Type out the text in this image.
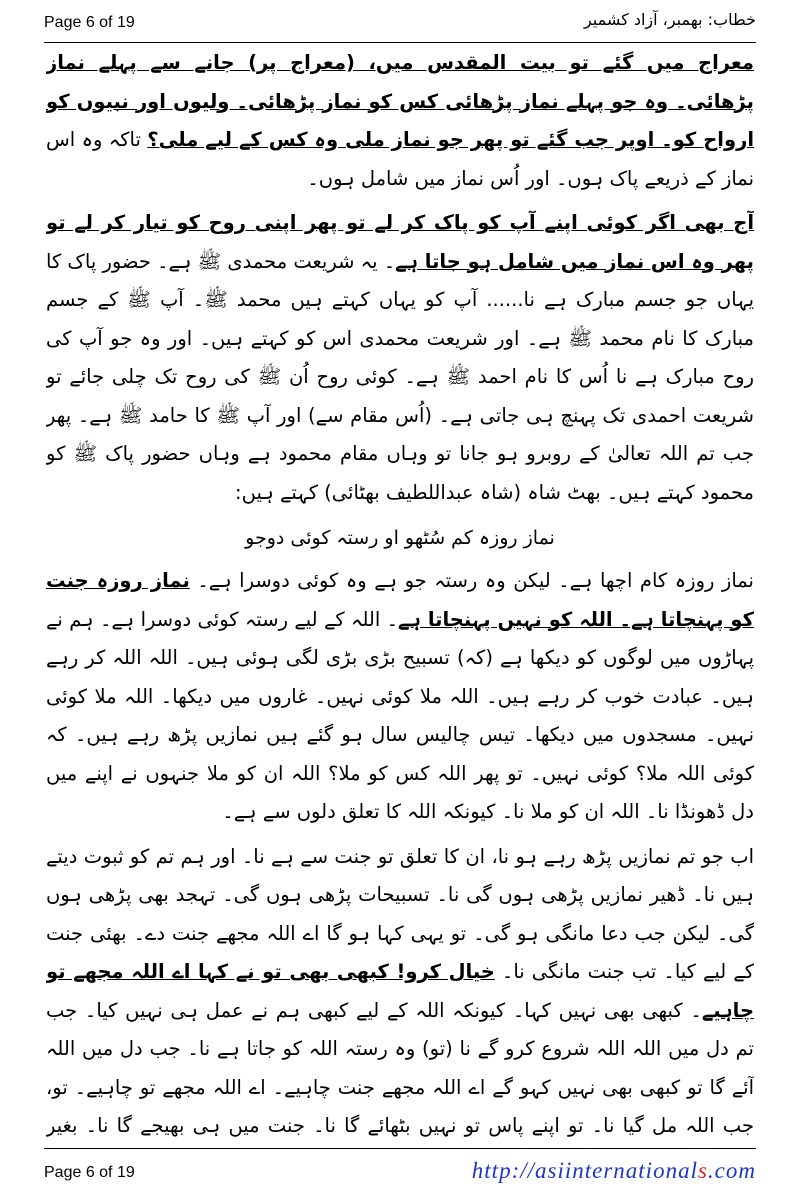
Page 6 of 19	خطاب: بھمبر، آزاد کشمیر

معراج میں گئے تو بیت المقدس میں، (معراج پر) جانے سے پہلے نماز پڑھائی۔ وہ جو پہلے نماز پڑھائی کس کو نماز پڑھائی۔ ولیوں اور نبیوں کو ارواح کو۔ اوپر جب گئے تو پھر جو نماز ملی وہ کس کے لیے ملی؟ تاکہ وہ اس نماز کے ذریعے پاک ہوں۔ اور اُس نماز میں شامل ہوں۔

آج بھی اگر کوئی اپنے آپ کو پاک کر لے تو پھر اپنی روح کو تیار کر لے تو پھر وہ اس نماز میں شامل ہو جاتا ہے۔ یہ شریعت محمدی ﷺ ہے۔ حضور پاک کا یہاں جو جسم مبارک ہے نا...... آپ کو یہاں کہتے ہیں محمد ﷺ۔ آپ ﷺ کے جسم مبارک کا نام محمد ﷺ ہے۔ اور شریعت محمدی اس کو کہتے ہیں۔ اور وہ جو آپ کی روح مبارک ہے نا اُس کا نام احمد ﷺ ہے۔ کوئی روح اُن ﷺ کی روح تک چلی جائے تو شریعت احمدی تک پہنچ ہی جاتی ہے۔ (اُس مقام سے) اور آپ ﷺ کا حامد ﷺ ہے۔ پھر جب تم اللہ تعالیٰ کے روبرو ہو جانا تو وہاں مقام محمود ہے وہاں حضور پاک ﷺ کو محمود کہتے ہیں۔ بھٹ شاہ (شاہ عبداللطیف بھٹائی) کہتے ہیں:

نماز روزہ کم سُٹھو او رستہ کوئی دوجو

نماز روزہ کام اچھا ہے۔ لیکن وہ رستہ جو ہے وہ کوئی دوسرا ہے۔ نماز روزہ جنت کو پہنچاتا ہے۔ اللہ کو نہیں پہنچاتا ہے۔ اللہ کے لیے رستہ کوئی دوسرا ہے۔ ہم نے پہاڑوں میں لوگوں کو دیکھا ہے (کہ) تسبیح بڑی بڑی لگی ہوئی ہیں۔ اللہ اللہ کر رہے ہیں۔ عبادت خوب کر رہے ہیں۔ اللہ ملا کوئی نہیں۔ غاروں میں دیکھا۔ اللہ ملا کوئی نہیں۔ مسجدوں میں دیکھا۔ تیس چالیس سال ہو گئے ہیں نمازیں پڑھ رہے ہیں۔ کہ کوئی اللہ ملا؟ کوئی نہیں۔ تو پھر اللہ کس کو ملا؟ اللہ ان کو ملا جنہوں نے اپنے میں دل ڈھونڈا نا۔ اللہ ان کو ملا نا۔ کیونکہ اللہ کا تعلق دلوں سے ہے۔

اب جو تم نمازیں پڑھ رہے ہو نا، ان کا تعلق تو جنت سے ہے نا۔ اور ہم تم کو ثبوت دیتے ہیں نا۔ ڈھیر نمازیں پڑھی ہوں گی نا۔ تسبیحات پڑھی ہوں گی۔ تہجد بھی پڑھی ہوں گی۔ لیکن جب دعا مانگی ہو گی۔ تو یہی کہا ہو گا اے اللہ مجھے جنت دے۔ بھئی جنت کے لیے کیا۔ تب جنت مانگی نا۔ خیال کرو! کبھی بھی تو نے کہا اے اللہ مجھے تو چاہیے۔ کبھی بھی نہیں کہا۔ کیونکہ اللہ کے لیے کبھی ہم نے عمل ہی نہیں کیا۔ جب تم دل میں اللہ اللہ شروع کرو گے نا (تو) وہ رستہ اللہ کو جاتا ہے نا۔ جب دل میں اللہ آئے گا تو کبھی بھی نہیں کہو گے اے اللہ مجھے جنت چاہیے۔ اے اللہ مجھے تو چاہیے۔ تو، جب اللہ مل گیا نا۔ تو اپنے پاس تو نہیں بٹھائے گا نا۔ جنت میں ہی بھیجے گا نا۔ بغیر

Page 6 of 19	http://asiinternationals.com
